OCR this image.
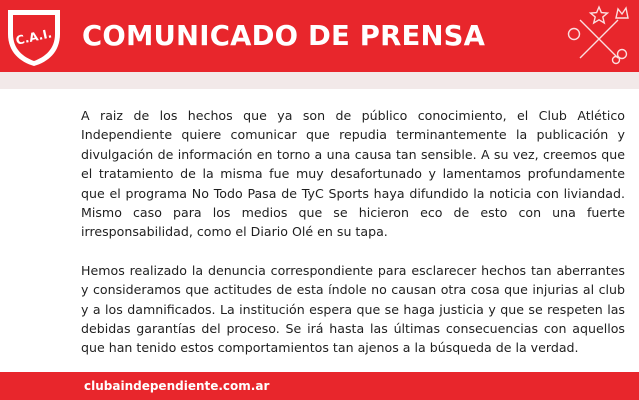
C.A.I. COMUNICADO DE PRENSA

A raiz de los hechos que ya son de público conocimiento, el Club Atlético Independiente quiere comunicar que repudia terminantemente la publicación y divulgación de información en torno a una causa tan sensible. A su vez, creemos que el tratamiento de la misma fue muy desafortunado y lamentamos profundamente que el programa No Todo Pasa de TyC Sports haya difundido la noticia con liviandad. Mismo caso para los medios que se hicieron eco de esto con una fuerte irresponsabilidad, como el Diario Olé en su tapa.

Hemos realizado la denuncia correspondiente para esclarecer hechos tan aberrantes y consideramos que actitudes de esta índole no causan otra cosa que injurias al club y a los damnificados. La institución espera que se haga justicia y que se respeten las debidas garantías del proceso. Se irá hasta las últimas consecuencias con aquellos que han tenido estos comportamientos tan ajenos a la búsqueda de la verdad.

clubaindependiente.com.ar
